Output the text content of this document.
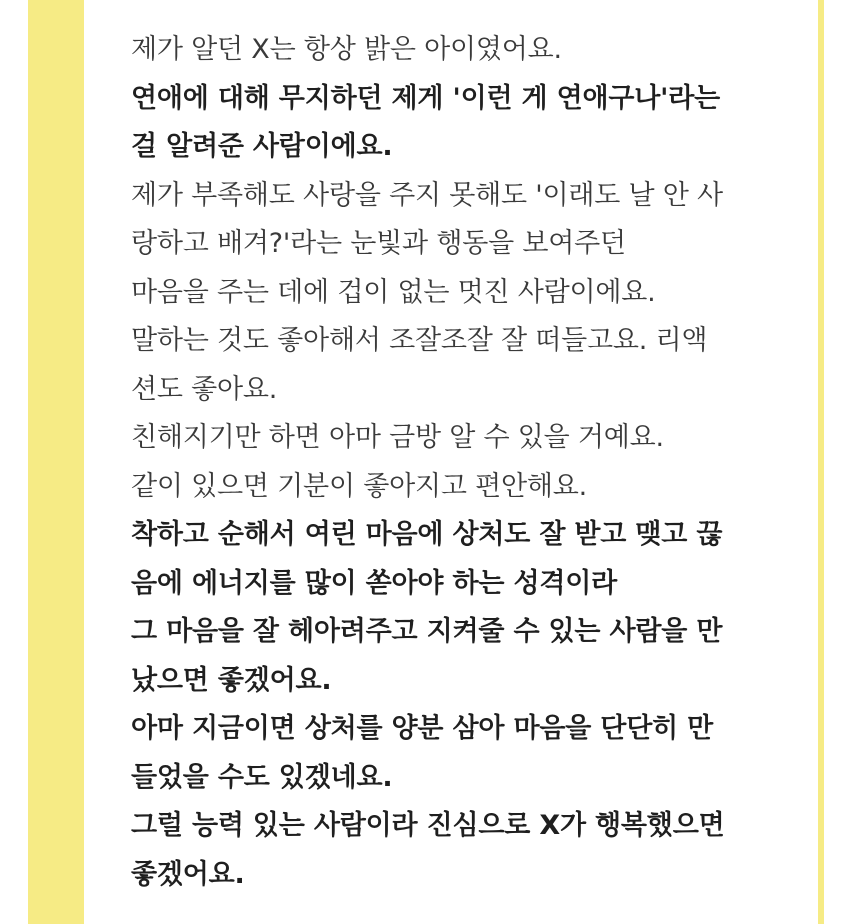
제가 알던 X는 항상 밝은 아이였어요.
연애에 대해 무지하던 제게 '이런 게 연애구나'라는
걸 알려준 사람이에요.
제가 부족해도 사랑을 주지 못해도 '이래도 날 안 사
랑하고 배겨?'라는 눈빛과 행동을 보여주던
마음을 주는 데에 겁이 없는 멋진 사람이에요.
말하는 것도 좋아해서 조잘조잘 잘 떠들고요. 리액
션도 좋아요.
친해지기만 하면 아마 금방 알 수 있을 거예요.
같이 있으면 기분이 좋아지고 편안해요.
착하고 순해서 여린 마음에 상처도 잘 받고 맺고 끊
음에 에너지를 많이 쏟아야 하는 성격이라
그 마음을 잘 헤아려주고 지켜줄 수 있는 사람을 만
났으면 좋겠어요.
아마 지금이면 상처를 양분 삼아 마음을 단단히 만
들었을 수도 있겠네요.
그럴 능력 있는 사람이라 진심으로 X가 행복했으면
좋겠어요.
